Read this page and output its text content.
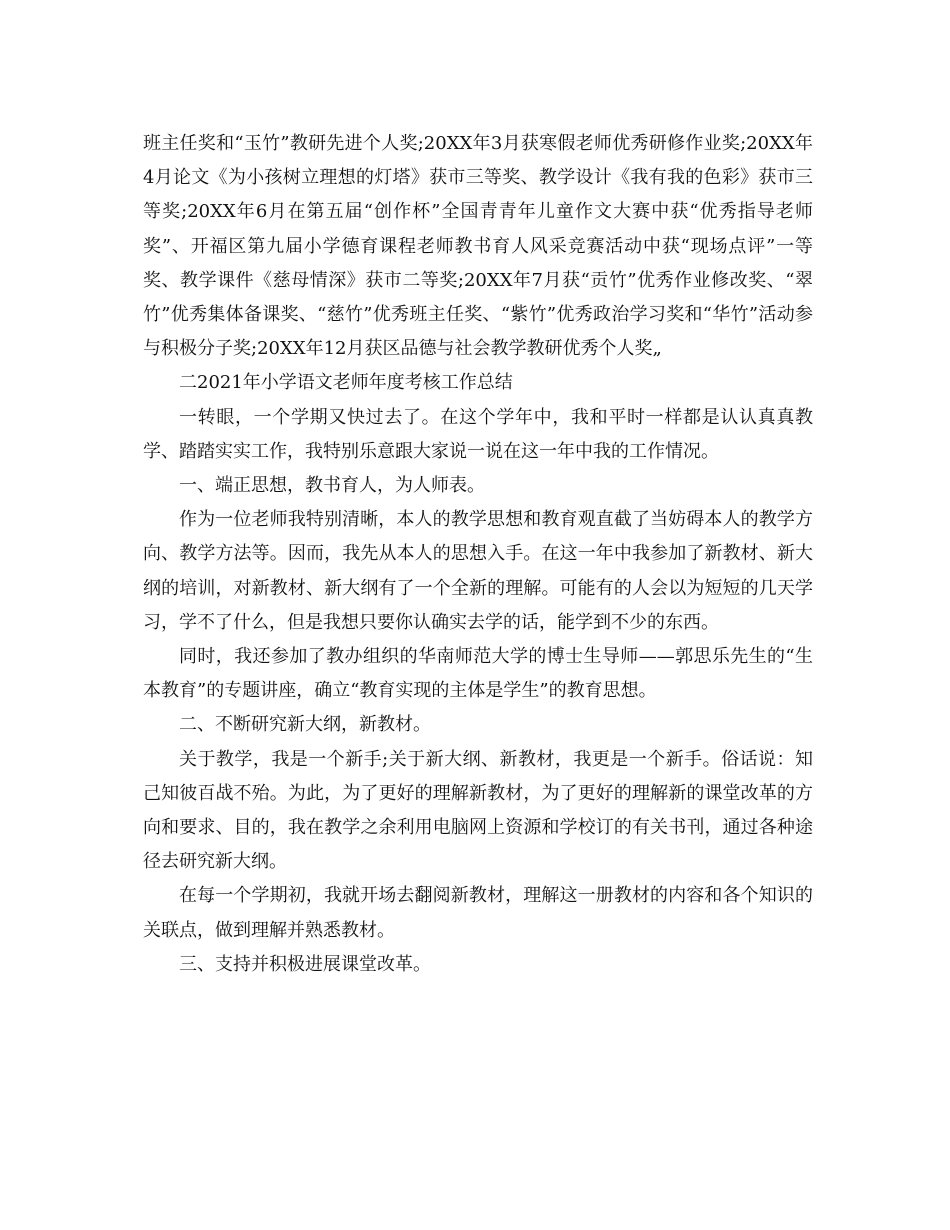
班主任奖和“玉竹”教研先进个人奖;20XX年3月获寒假老师优秀研修作业奖;20XX年4月论文《为小孩树立理想的灯塔》获市三等奖、教学设计《我有我的色彩》获市三等奖;20XX年6月在第五届“创作杯”全国青青年儿童作文大赛中获“优秀指导老师奖”、开福区第九届小学德育课程老师教书育人风采竞赛活动中获“现场点评”一等奖、教学课件《慈母情深》获市二等奖;20XX年7月获“贡竹”优秀作业修改奖、“翠竹”优秀集体备课奖、“慈竹”优秀班主任奖、“紫竹”优秀政治学习奖和“华竹”活动参与积极分子奖;20XX年12月获区品德与社会教学教研优秀个人奖„

二2021年小学语文老师年度考核工作总结

一转眼，一个学期又快过去了。在这个学年中，我和平时一样都是认认真真教学、踏踏实实工作，我特别乐意跟大家说一说在这一年中我的工作情况。

一、端正思想，教书育人，为人师表。

作为一位老师我特别清晰，本人的教学思想和教育观直截了当妨碍本人的教学方向、教学方法等。因而，我先从本人的思想入手。在这一年中我参加了新教材、新大纲的培训，对新教材、新大纲有了一个全新的理解。可能有的人会以为短短的几天学习，学不了什么，但是我想只要你认确实去学的话，能学到不少的东西。

同时，我还参加了教办组织的华南师范大学的博士生导师——郭思乐先生的“生本教育”的专题讲座，确立“教育实现的主体是学生”的教育思想。

二、不断研究新大纲，新教材。

关于教学，我是一个新手;关于新大纲、新教材，我更是一个新手。俗话说：知己知彼百战不殆。为此，为了更好的理解新教材，为了更好的理解新的课堂改革的方向和要求、目的，我在教学之余利用电脑网上资源和学校订的有关书刊，通过各种途径去研究新大纲。

在每一个学期初，我就开场去翻阅新教材，理解这一册教材的内容和各个知识的关联点，做到理解并熟悉教材。

三、支持并积极进展课堂改革。
